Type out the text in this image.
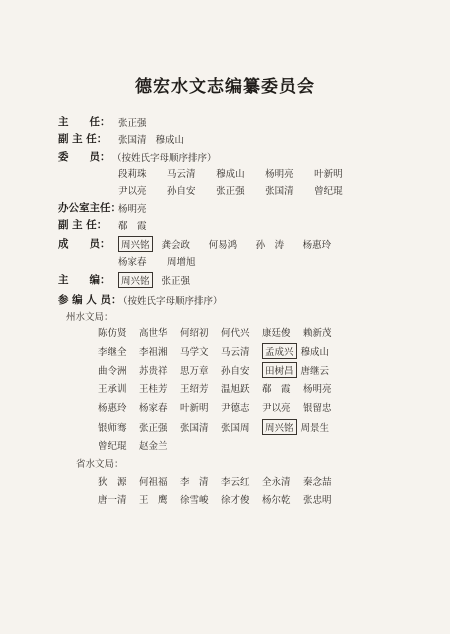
德宏水文志编纂委员会
主　　任： 张正强
副 主 任： 张国清 穆成山
委　　员： （按姓氏字母顺序排序）
段莉珠 马云清 穆成山 杨明亮 叶新明
尹以亮 孙自安 张正强 张国清 曾纪琨
办公室主任：
杨明亮
副 主 任： 郗　霞
成　　员：	周兴铭 龚会政 何易鸿 孙　涛 杨惠玲
杨家春 周增旭
主　　编：	周兴铭 张正强
参 编 人 员：
（按姓氏字母顺序排序）
州水文局：
陈仿贤 高世华 何绍初 何代兴 康廷俊 赖新茂
李继全 李祖湘 马学文 马云清 孟成兴 穆成山
曲令洲 苏贵祥 思万章 孙自安 田树昌 唐继云
王承训 王桂芳 王绍芳 温旭跃 郗　霞 杨明亮
杨惠玲 杨家春 叶新明 尹德志 尹以亮 银留忠
银师骞 张正强 张国清 张国周 周兴铭 周景生
曾纪琨 赵金兰
省水文局：
狄　源 何祖福 李　清 李云红 全永清 秦念喆
唐一清 王　鹰 徐雪峻 徐才俊 杨尔乾 张忠明
